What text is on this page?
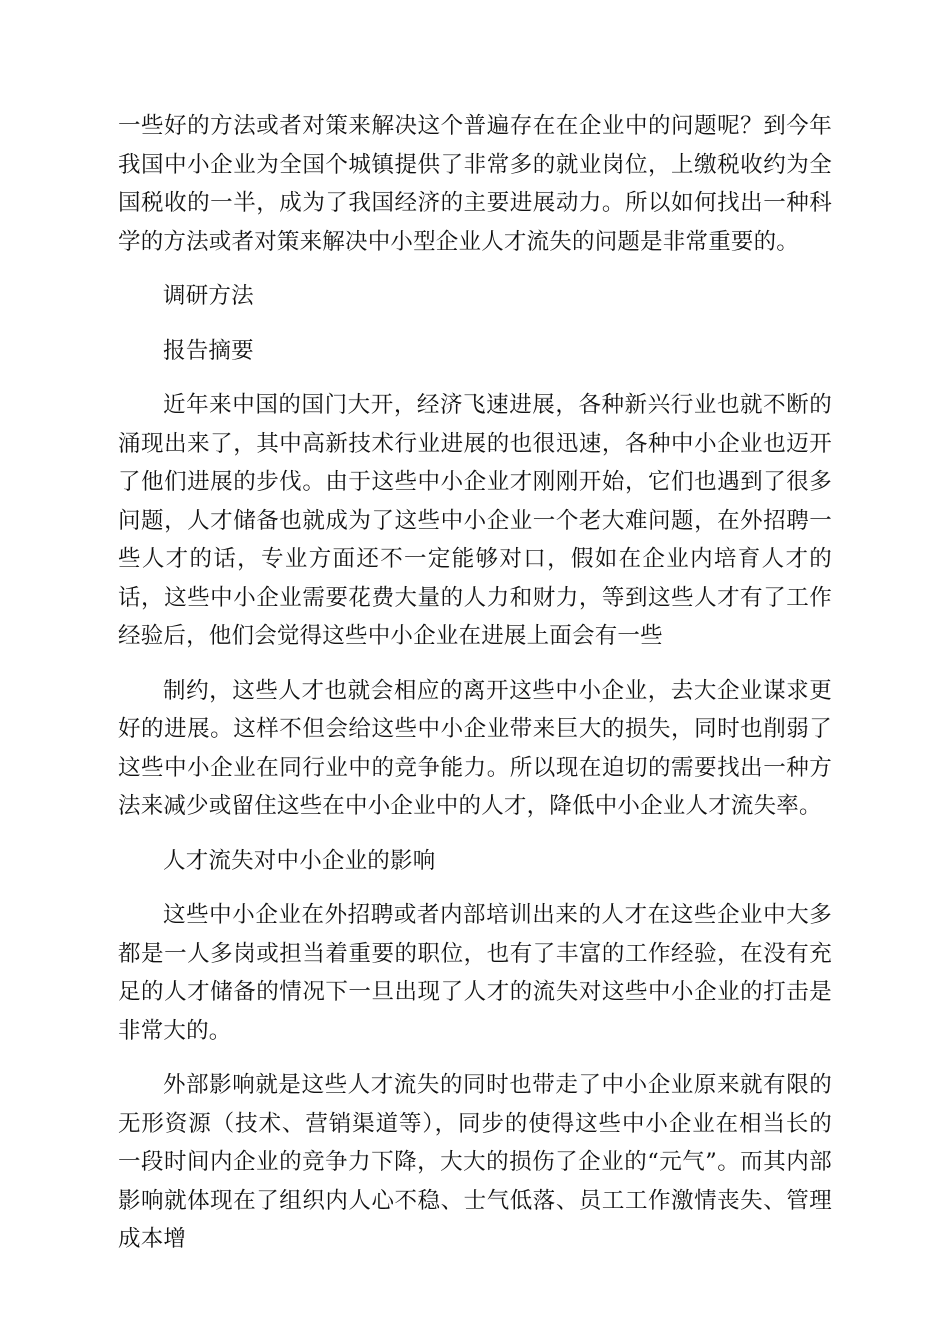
一些好的方法或者对策来解决这个普遍存在在企业中的问题呢？到今年我国中小企业为全国个城镇提供了非常多的就业岗位，上缴税收约为全国税收的一半，成为了我国经济的主要进展动力。所以如何找出一种科学的方法或者对策来解决中小型企业人才流失的问题是非常重要的。

调研方法

报告摘要

近年来中国的国门大开，经济飞速进展，各种新兴行业也就不断的涌现出来了，其中高新技术行业进展的也很迅速，各种中小企业也迈开了他们进展的步伐。由于这些中小企业才刚刚开始，它们也遇到了很多问题，人才储备也就成为了这些中小企业一个老大难问题，在外招聘一些人才的话，专业方面还不一定能够对口，假如在企业内培育人才的话，这些中小企业需要花费大量的人力和财力，等到这些人才有了工作经验后，他们会觉得这些中小企业在进展上面会有一些

制约，这些人才也就会相应的离开这些中小企业，去大企业谋求更好的进展。这样不但会给这些中小企业带来巨大的损失，同时也削弱了这些中小企业在同行业中的竞争能力。所以现在迫切的需要找出一种方法来减少或留住这些在中小企业中的人才，降低中小企业人才流失率。

人才流失对中小企业的影响

这些中小企业在外招聘或者内部培训出来的人才在这些企业中大多都是一人多岗或担当着重要的职位，也有了丰富的工作经验，在没有充足的人才储备的情况下一旦出现了人才的流失对这些中小企业的打击是非常大的。

外部影响就是这些人才流失的同时也带走了中小企业原来就有限的无形资源（技术、营销渠道等），同步的使得这些中小企业在相当长的一段时间内企业的竞争力下降，大大的损伤了企业的“元气”。而其内部影响就体现在了组织内人心不稳、士气低落、员工工作激情丧失、管理成本增
